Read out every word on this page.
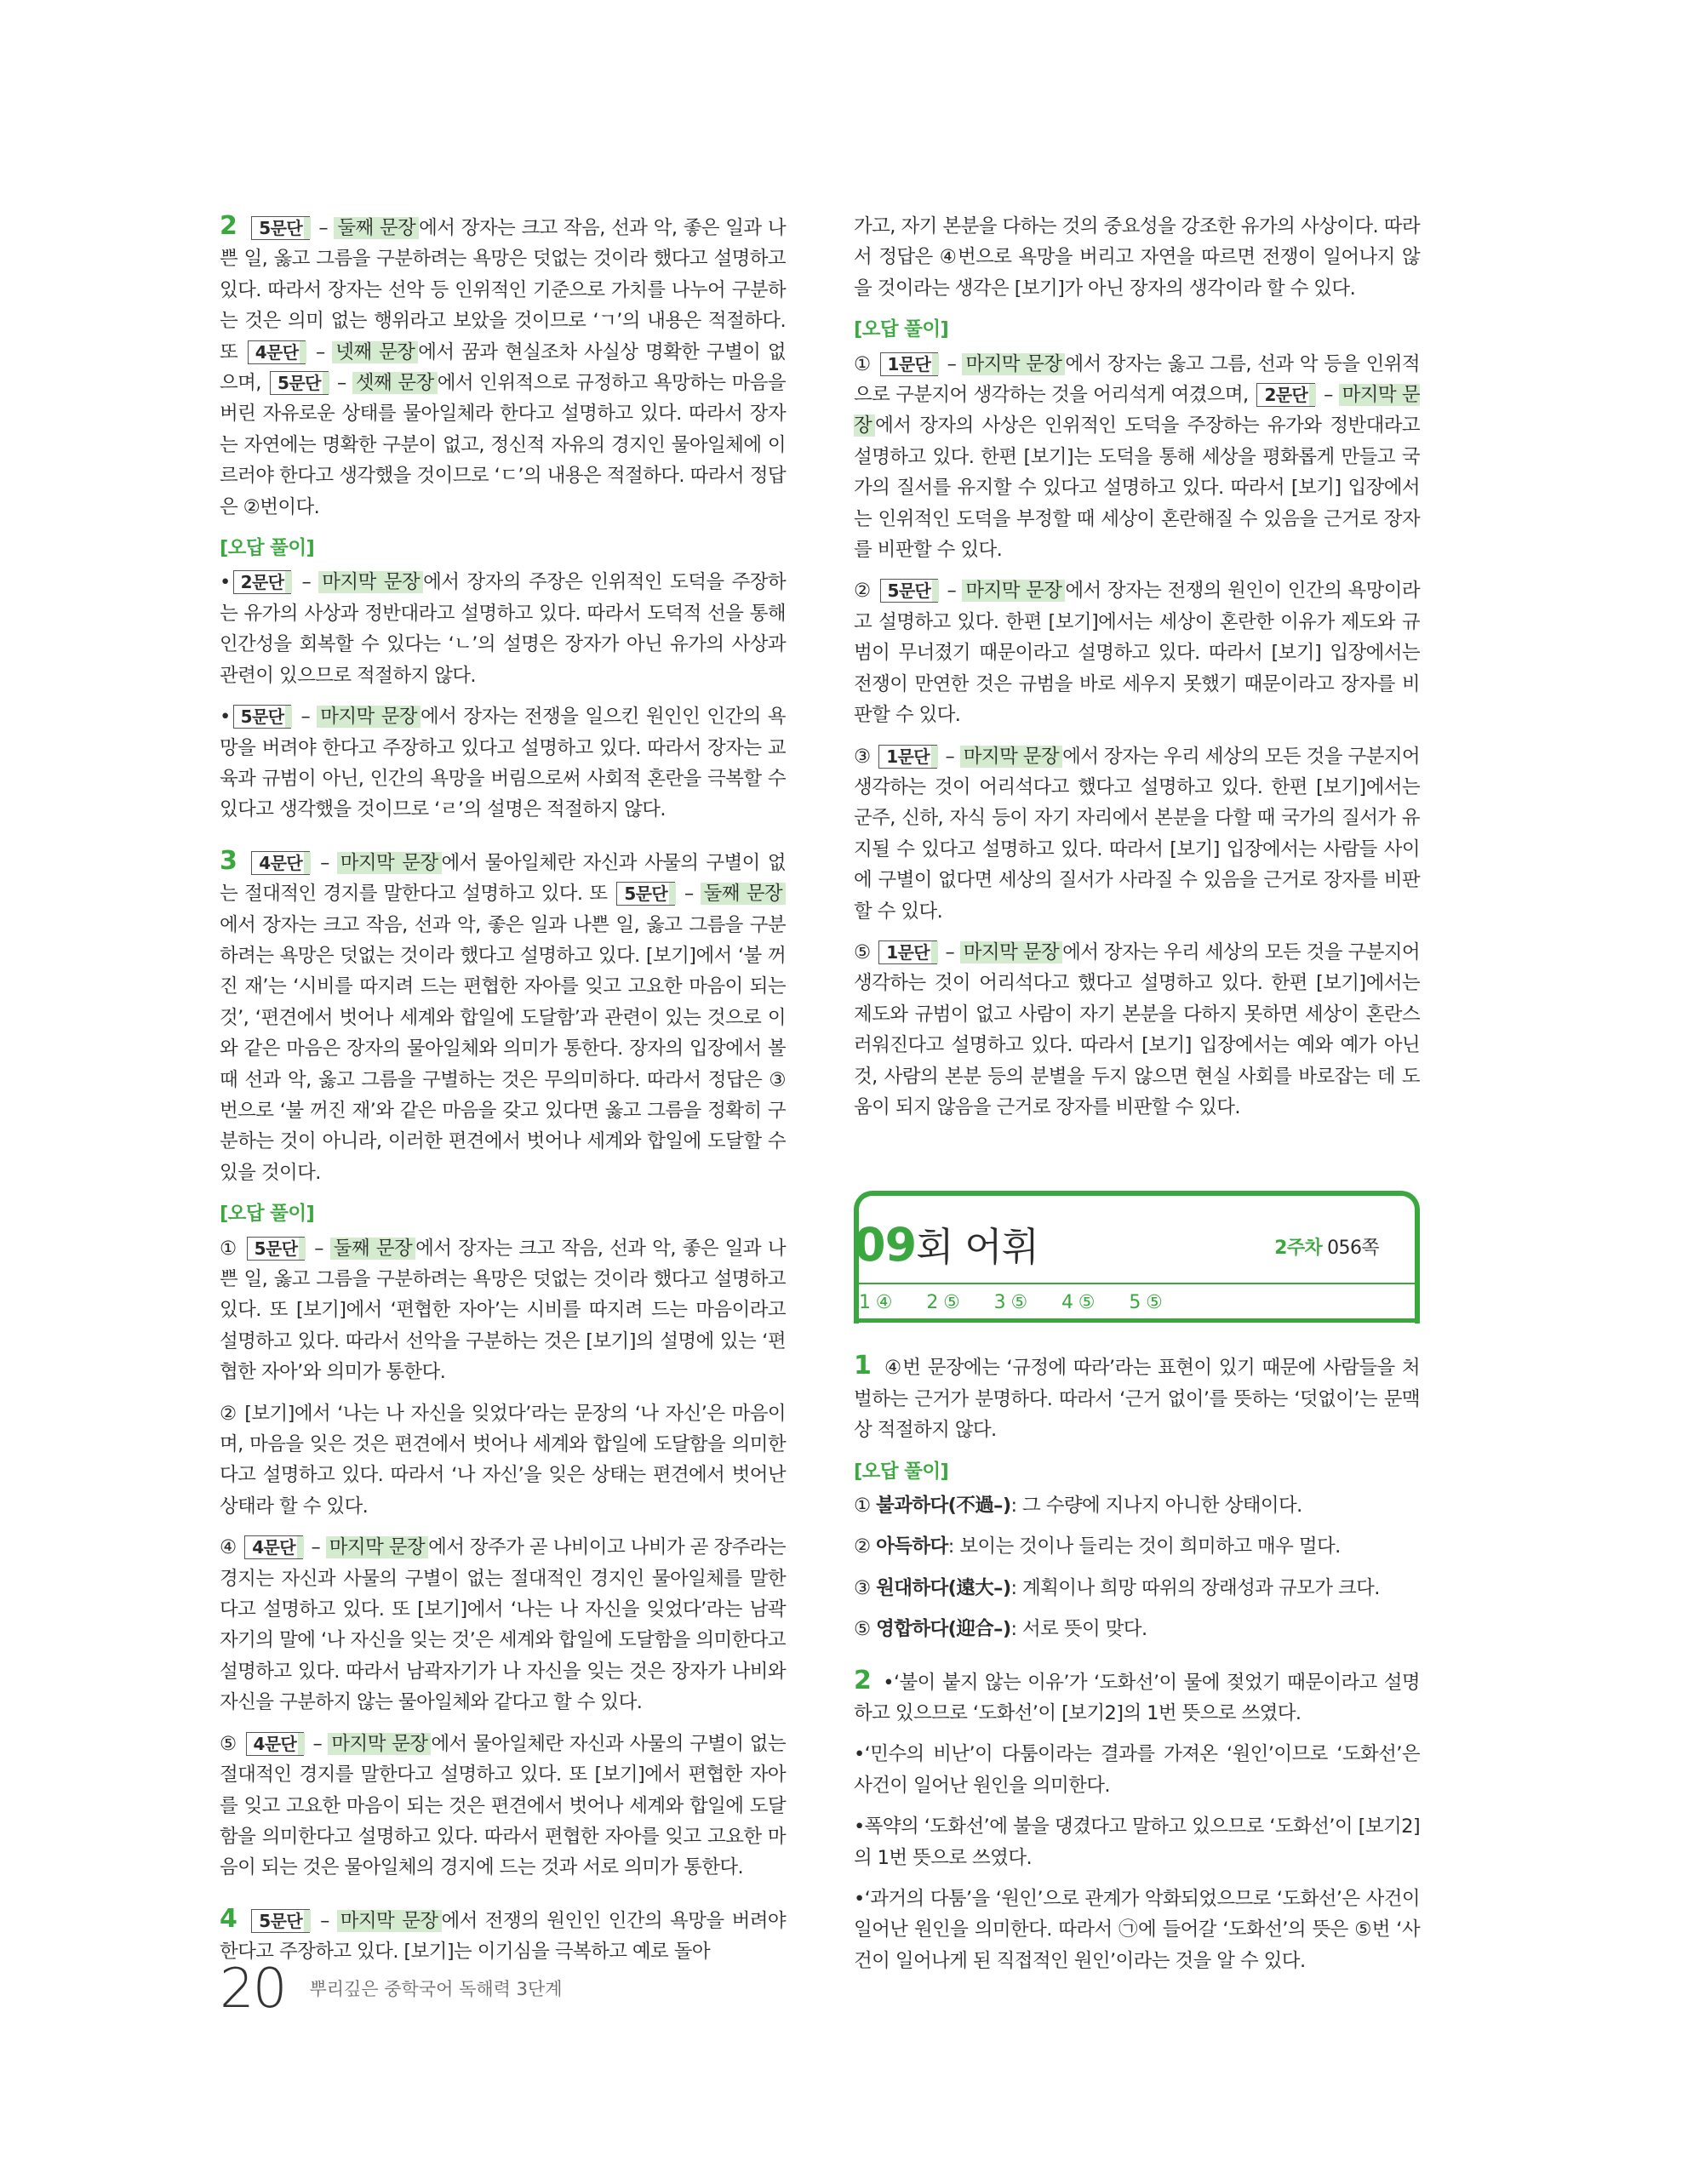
2 5문단 – 둘째 문장 에서 장자는 크고 작음, 선과 악, 좋은 일과 나쁜 일, 옳고 그름을 구분하려는 욕망은 덧없는 것이라 했다고 설명하고 있다. 따라서 장자는 선악 등 인위적인 기준으로 가치를 나누어 구분하는 것은 의미 없는 행위라고 보았을 것이므로 ‘ㄱ’의 내용은 적절하다. 또 4문단 – 넷째 문장 에서 꿈과 현실조차 사실상 명확한 구별이 없으며, 5문단 – 셋째 문장 에서 인위적으로 규정하고 욕망하는 마음을 버린 자유로운 상태를 물아일체라 한다고 설명하고 있다. 따라서 장자는 자연에는 명확한 구분이 없고, 정신적 자유의 경지인 물아일체에 이르러야 한다고 생각했을 것이므로 ‘ㄷ’의 내용은 적절하다. 따라서 정답은 ②번이다.

[오답 풀이]

• 2문단 – 마지막 문장 에서 장자의 주장은 인위적인 도덕을 주장하는 유가의 사상과 정반대라고 설명하고 있다. 따라서 도덕적 선을 통해 인간성을 회복할 수 있다는 ‘ㄴ’의 설명은 장자가 아닌 유가의 사상과 관련이 있으므로 적절하지 않다.

• 5문단 – 마지막 문장 에서 장자는 전쟁을 일으킨 원인인 인간의 욕망을 버려야 한다고 주장하고 있다고 설명하고 있다. 따라서 장자는 교육과 규범이 아닌, 인간의 욕망을 버림으로써 사회적 혼란을 극복할 수 있다고 생각했을 것이므로 ‘ㄹ’의 설명은 적절하지 않다.

3 4문단 – 마지막 문장 에서 물아일체란 자신과 사물의 구별이 없는 절대적인 경지를 말한다고 설명하고 있다. 또 5문단 – 둘째 문장에서 장자는 크고 작음, 선과 악, 좋은 일과 나쁜 일, 옳고 그름을 구분하려는 욕망은 덧없는 것이라 했다고 설명하고 있다. [보기]에서 ‘불 꺼진 재’는 ‘시비를 따지려 드는 편협한 자아를 잊고 고요한 마음이 되는 것’, ‘편견에서 벗어나 세계와 합일에 도달함’과 관련이 있는 것으로 이와 같은 마음은 장자의 물아일체와 의미가 통한다. 장자의 입장에서 볼 때 선과 악, 옳고 그름을 구별하는 것은 무의미하다. 따라서 정답은 ③번으로 ‘불 꺼진 재’와 같은 마음을 갖고 있다면 옳고 그름을 정확히 구분하는 것이 아니라, 이러한 편견에서 벗어나 세계와 합일에 도달할 수 있을 것이다.

[오답 풀이]

① 5문단 – 둘째 문장 에서 장자는 크고 작음, 선과 악, 좋은 일과 나쁜 일, 옳고 그름을 구분하려는 욕망은 덧없는 것이라 했다고 설명하고 있다. 또 [보기]에서 ‘편협한 자아’는 시비를 따지려 드는 마음이라고 설명하고 있다. 따라서 선악을 구분하는 것은 [보기]의 설명에 있는 ‘편협한 자아’와 의미가 통한다.

② [보기]에서 ‘나는 나 자신을 잊었다’라는 문장의 ‘나 자신’은 마음이며, 마음을 잊은 것은 편견에서 벗어나 세계와 합일에 도달함을 의미한다고 설명하고 있다. 따라서 ‘나 자신’을 잊은 상태는 편견에서 벗어난 상태라 할 수 있다.

④ 4문단 – 마지막 문장 에서 장주가 곧 나비이고 나비가 곧 장주라는 경지는 자신과 사물의 구별이 없는 절대적인 경지인 물아일체를 말한다고 설명하고 있다. 또 [보기]에서 ‘나는 나 자신을 잊었다’라는 남곽자기의 말에 ‘나 자신을 잊는 것’은 세계와 합일에 도달함을 의미한다고 설명하고 있다. 따라서 남곽자기가 나 자신을 잊는 것은 장자가 나비와 자신을 구분하지 않는 물아일체와 같다고 할 수 있다.

⑤ 4문단 – 마지막 문장 에서 물아일체란 자신과 사물의 구별이 없는 절대적인 경지를 말한다고 설명하고 있다. 또 [보기]에서 편협한 자아를 잊고 고요한 마음이 되는 것은 편견에서 벗어나 세계와 합일에 도달함을 의미한다고 설명하고 있다. 따라서 편협한 자아를 잊고 고요한 마음이 되는 것은 물아일체의 경지에 드는 것과 서로 의미가 통한다.

4 5문단 – 마지막 문장 에서 전쟁의 원인인 인간의 욕망을 버려야 한다고 주장하고 있다. [보기]는 이기심을 극복하고 예로 돌아

가고, 자기 본분을 다하는 것의 중요성을 강조한 유가의 사상이다. 따라서 정답은 ④번으로 욕망을 버리고 자연을 따르면 전쟁이 일어나지 않을 것이라는 생각은 [보기]가 아닌 장자의 생각이라 할 수 있다.

[오답 풀이]

① 1문단 – 마지막 문장 에서 장자는 옳고 그름, 선과 악 등을 인위적으로 구분지어 생각하는 것을 어리석게 여겼으며, 2문단 – 마지막 문장 에서 장자의 사상은 인위적인 도덕을 주장하는 유가와 정반대라고 설명하고 있다. 한편 [보기]는 도덕을 통해 세상을 평화롭게 만들고 국가의 질서를 유지할 수 있다고 설명하고 있다. 따라서 [보기] 입장에서는 인위적인 도덕을 부정할 때 세상이 혼란해질 수 있음을 근거로 장자를 비판할 수 있다.

② 5문단 – 마지막 문장 에서 장자는 전쟁의 원인이 인간의 욕망이라고 설명하고 있다. 한편 [보기]에서는 세상이 혼란한 이유가 제도와 규범이 무너졌기 때문이라고 설명하고 있다. 따라서 [보기] 입장에서는 전쟁이 만연한 것은 규범을 바로 세우지 못했기 때문이라고 장자를 비판할 수 있다.

③ 1문단 – 마지막 문장 에서 장자는 우리 세상의 모든 것을 구분지어 생각하는 것이 어리석다고 했다고 설명하고 있다. 한편 [보기]에서는 군주, 신하, 자식 등이 자기 자리에서 본분을 다할 때 국가의 질서가 유지될 수 있다고 설명하고 있다. 따라서 [보기] 입장에서는 사람들 사이에 구별이 없다면 세상의 질서가 사라질 수 있음을 근거로 장자를 비판할 수 있다.

⑤ 1문단 – 마지막 문장 에서 장자는 우리 세상의 모든 것을 구분지어 생각하는 것이 어리석다고 했다고 설명하고 있다. 한편 [보기]에서는 제도와 규범이 없고 사람이 자기 본분을 다하지 못하면 세상이 혼란스러워진다고 설명하고 있다. 따라서 [보기] 입장에서는 예와 예가 아닌 것, 사람의 본분 등의 분별을 두지 않으면 현실 사회를 바로잡는 데 도움이 되지 않음을 근거로 장자를 비판할 수 있다.

09회 어휘	2주차 056쪽
1 ④ 2 ⑤ 3 ⑤ 4 ⑤ 5 ⑤

1 ④번 문장에는 ‘규정에 따라’라는 표현이 있기 때문에 사람들을 처벌하는 근거가 분명하다. 따라서 ‘근거 없이’를 뜻하는 ‘덧없이’는 문맥상 적절하지 않다.

[오답 풀이]

① 불과하다(不過–): 그 수량에 지나지 아니한 상태이다.

② 아득하다: 보이는 것이나 들리는 것이 희미하고 매우 멀다.

③ 원대하다(遠大–): 계획이나 희망 따위의 장래성과 규모가 크다.

⑤ 영합하다(迎合–): 서로 뜻이 맞다.

2 •‘불이 붙지 않는 이유’가 ‘도화선’이 물에 젖었기 때문이라고 설명하고 있으므로 ‘도화선’이 [보기2]의 1번 뜻으로 쓰였다.

•‘민수의 비난’이 다툼이라는 결과를 가져온 ‘원인’이므로 ‘도화선’은 사건이 일어난 원인을 의미한다.

•폭약의 ‘도화선’에 불을 댕겼다고 말하고 있으므로 ‘도화선’이 [보기2]의 1번 뜻으로 쓰였다.

•‘과거의 다툼’을 ‘원인’으로 관계가 악화되었으므로 ‘도화선’은 사건이 일어난 원인을 의미한다. 따라서 ㉠에 들어갈 ‘도화선’의 뜻은 ⑤번 ‘사건이 일어나게 된 직접적인 원인’이라는 것을 알 수 있다.

20 뿌리깊은 중학국어 독해력 3단계
